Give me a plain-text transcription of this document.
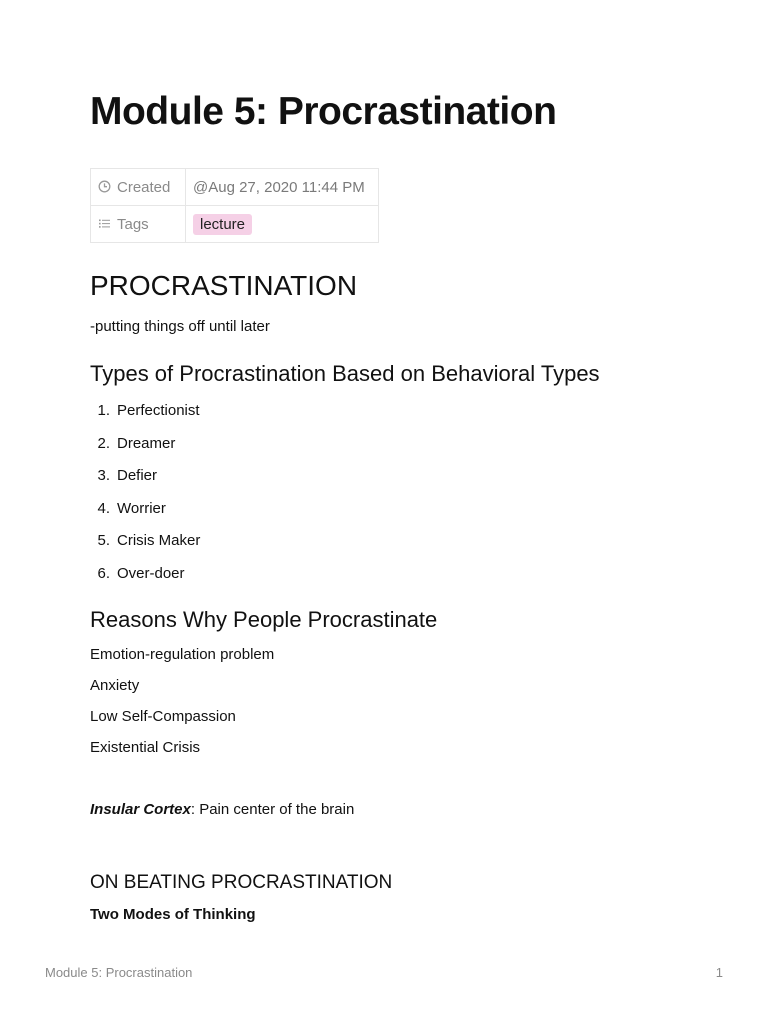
Module 5: Procrastination
Created	@Aug 27, 2020 11:44 PM
Tags	lecture
PROCRASTINATION

-putting things off until later

Types of Procrastination Based on Behavioral Types
1. Perfectionist
2. Dreamer
3. Defier
4. Worrier
5. Crisis Maker
6. Over-doer
Reasons Why People Procrastinate
Emotion-regulation problem
Anxiety
Low Self-Compassion
Existential Crisis

Insular Cortex: Pain center of the brain

ON BEATING PROCRASTINATION

Two Modes of Thinking

Module 5: Procrastination	1
